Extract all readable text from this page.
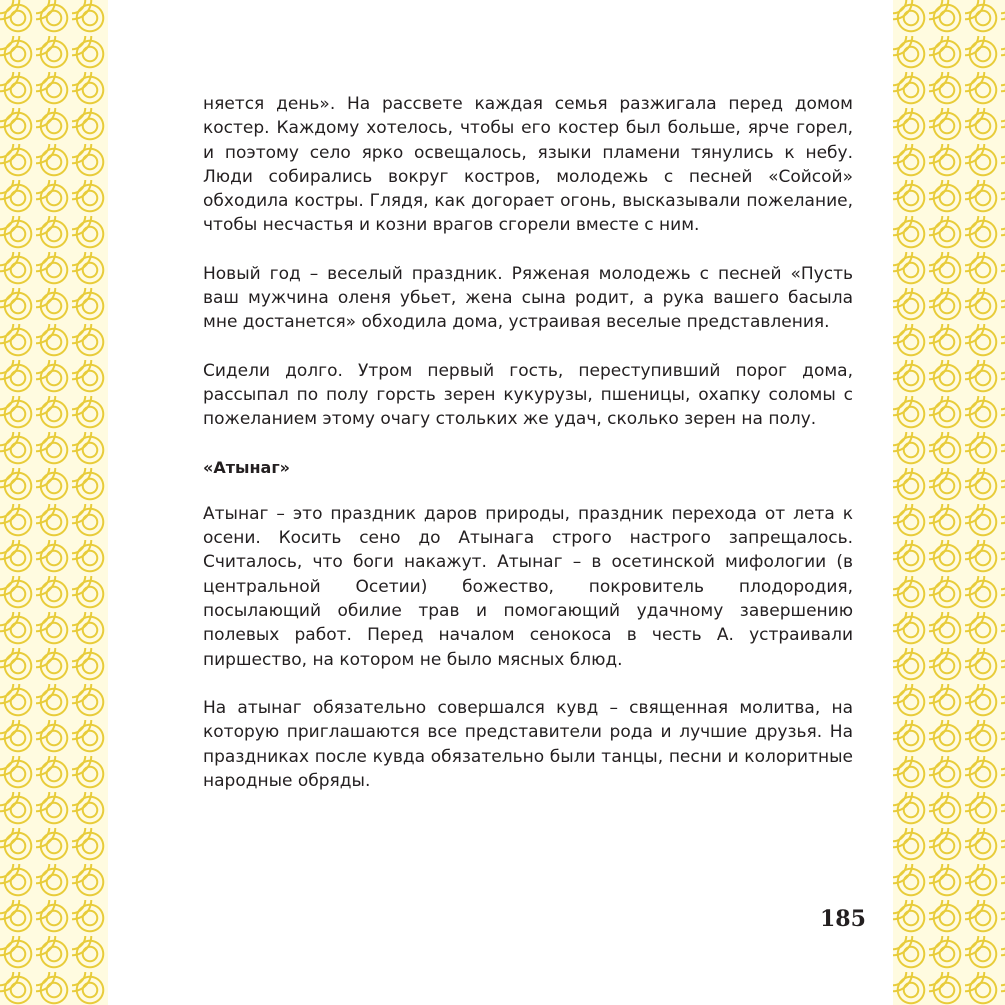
няется день». На рассвете каждая семья разжигала перед домом костер. Каждому хотелось, чтобы его костер был больше, ярче горел, и поэтому село ярко освещалось, языки пламени тянулись к небу. Люди собирались вокруг костров, молодежь с песней «Сойсой» обходила костры. Глядя, как догорает огонь, высказывали пожелание, чтобы несчастья и козни врагов сгорели вместе с ним.

Новый год – веселый праздник. Ряженая молодежь с песней «Пусть ваш мужчина оленя убьет, жена сына родит, а рука вашего басыла мне достанется» обходила дома, устраивая веселые представления.

Сидели долго. Утром первый гость, переступивший порог дома, рассыпал по полу горсть зерен кукурузы, пшеницы, охапку соломы с пожеланием этому очагу стольких же удач, сколько зерен на полу.

«Атынаг»

Атынаг – это праздник даров природы, праздник перехода от лета к осени. Косить сено до Атынага строго настрого запрещалось. Считалось, что боги накажут. Атынаг – в осетинской мифологии (в центральной Осетии) божество, покровитель плодородия, посылающий обилие трав и помогающий удачному завершению полевых работ. Перед началом сенокоса в честь А. устраивали пиршество, на котором не было мясных блюд.

На атынаг обязательно совершался кувд – священная молитва, на которую приглашаются все представители рода и лучшие друзья. На праздниках после кувда обязательно были танцы, песни и колоритные народные обряды.

185
